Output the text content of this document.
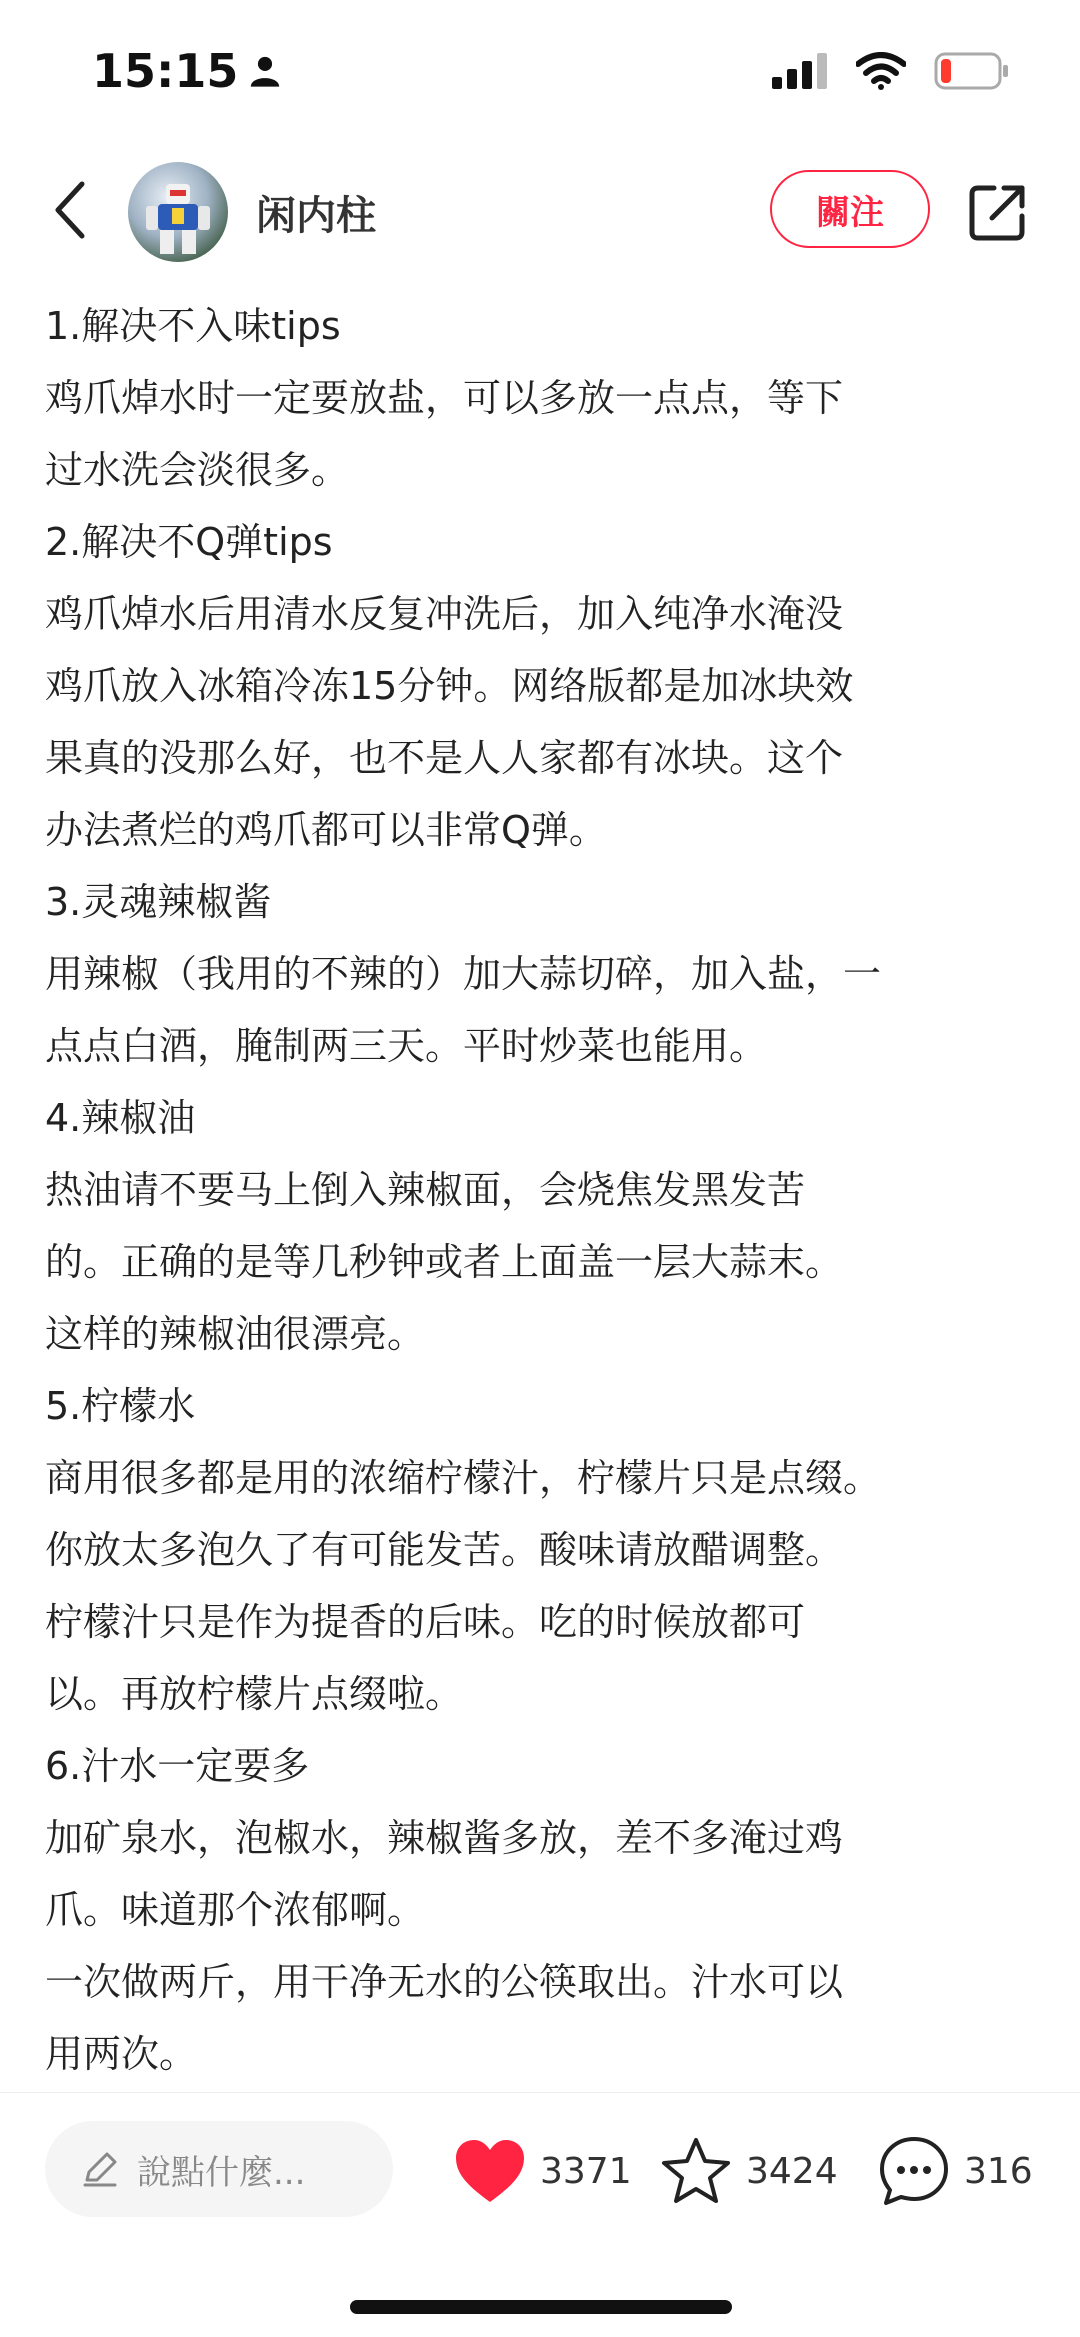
15:15
闲内柱	關注

1.解决不入味tips

鸡爪焯水时一定要放盐，可以多放一点点，等下

过水洗会淡很多。

2.解决不Q弹tips

鸡爪焯水后用清水反复冲洗后，加入纯净水淹没

鸡爪放入冰箱冷冻15分钟。网络版都是加冰块效

果真的没那么好，也不是人人家都有冰块。这个

办法煮烂的鸡爪都可以非常Q弹。

3.灵魂辣椒酱

用辣椒（我用的不辣的）加大蒜切碎，加入盐，一

点点白酒，腌制两三天。平时炒菜也能用。

4.辣椒油

热油请不要马上倒入辣椒面，会烧焦发黑发苦

的。正确的是等几秒钟或者上面盖一层大蒜末。

这样的辣椒油很漂亮。

5.柠檬水

商用很多都是用的浓缩柠檬汁，柠檬片只是点缀。

你放太多泡久了有可能发苦。酸味请放醋调整。

柠檬汁只是作为提香的后味。吃的时候放都可

以。再放柠檬片点缀啦。

6.汁水一定要多

加矿泉水，泡椒水，辣椒酱多放，差不多淹过鸡

爪。味道那个浓郁啊。

一次做两斤，用干净无水的公筷取出。汁水可以

用两次。

說點什麼...	3371	3424	316
